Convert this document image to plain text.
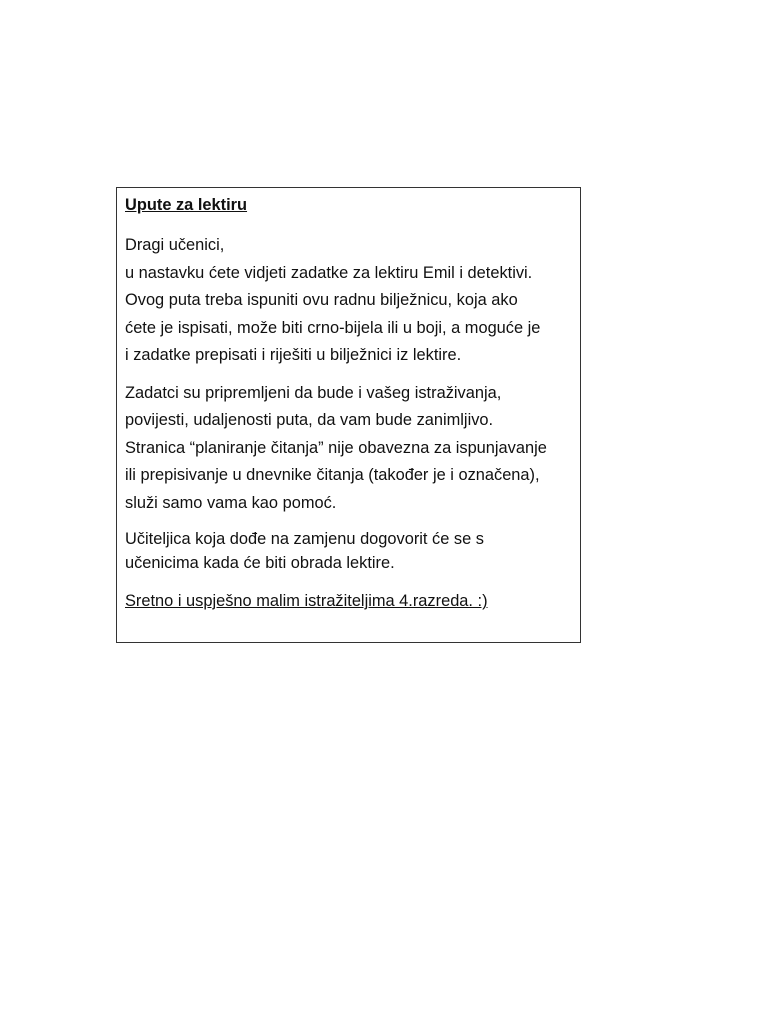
Upute za lektiru
Dragi učenici,
u nastavku ćete vidjeti zadatke za lektiru Emil i detektivi.
Ovog puta treba ispuniti ovu radnu bilježnicu, koja ako
ćete je ispisati, može biti crno-bijela ili u boji, a moguće je
i zadatke prepisati i riješiti u bilježnici iz lektire.
Zadatci su pripremljeni da bude i vašeg istraživanja,
povijesti, udaljenosti puta, da vam bude zanimljivo.
Stranica “planiranje čitanja” nije obavezna za ispunjavanje
ili prepisivanje u dnevnike čitanja (također je i označena),
služi samo vama kao pomoć.
Učiteljica koja dođe na zamjenu dogovorit će se s
učenicima kada će biti obrada lektire.
Sretno i uspješno malim istražiteljima 4.razreda. :)
